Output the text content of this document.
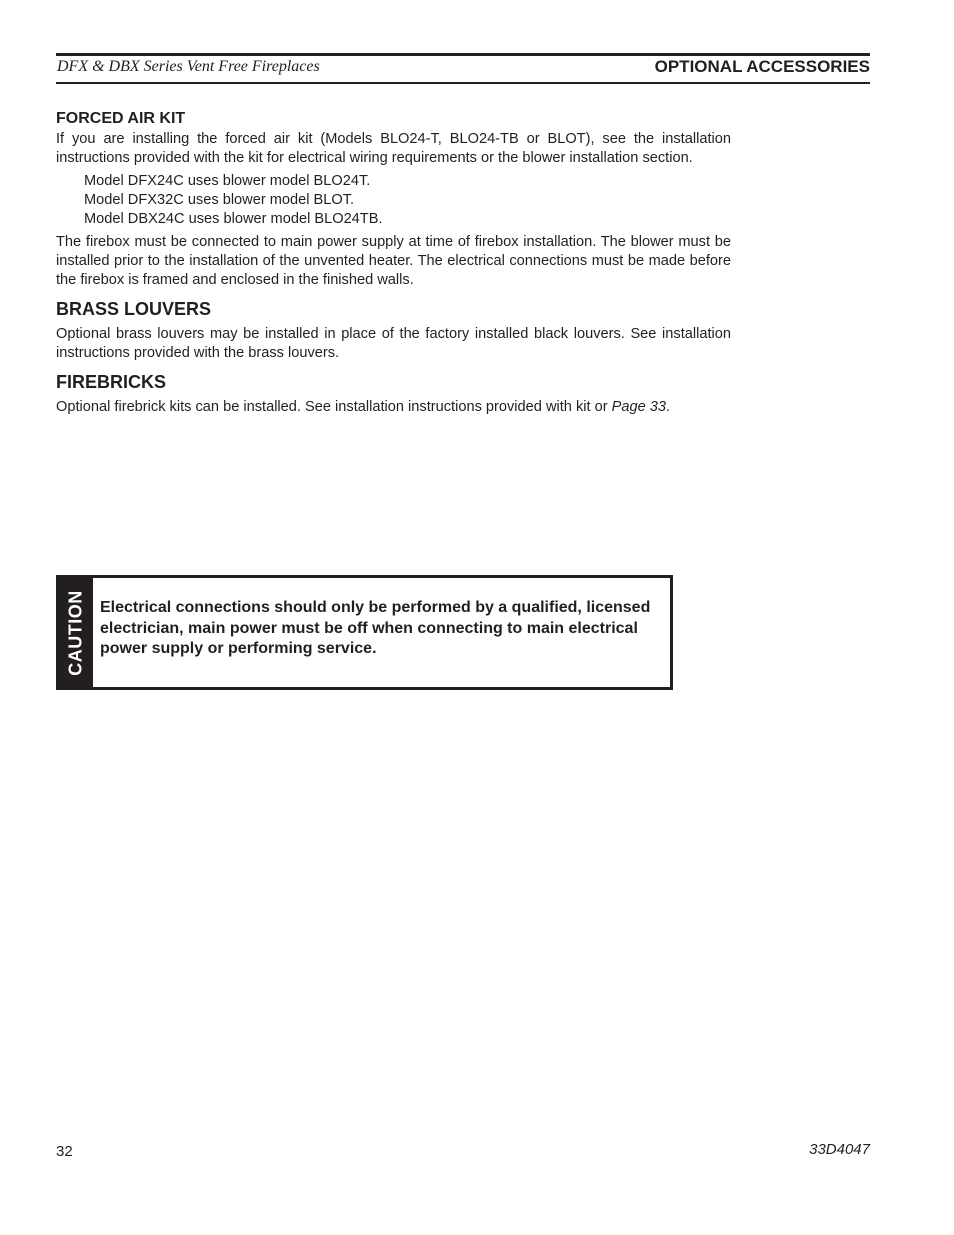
DFX & DBX Series Vent Free Fireplaces	OPTIONAL ACCESSORIES
FORCED AIR KIT

If you are installing the forced air kit (Models BLO24-T, BLO24-TB or BLOT), see the installation instructions provided with the kit for electrical wiring requirements or the blower installation section.

Model DFX24C uses blower model BLO24T.
Model DFX32C uses blower model BLOT.
Model DBX24C uses blower model BLO24TB.

The firebox must be connected to main power supply at time of firebox installation. The blower must be installed prior to the installation of the unvented heater. The electrical connections must be made before the firebox is framed and enclosed in the finished walls.

BRASS LOUVERS

Optional brass louvers may be installed in place of the factory installed black louvers. See installation instructions provided with the brass louvers.

FIREBRICKS

Optional firebrick kits can be installed. See installation instructions provided with kit or Page 33.

CAUTION Electrical connections should only be performed by a qualified, licensed electrician, main power must be off when connecting to main electrical power supply or performing service.
32	33D4047
